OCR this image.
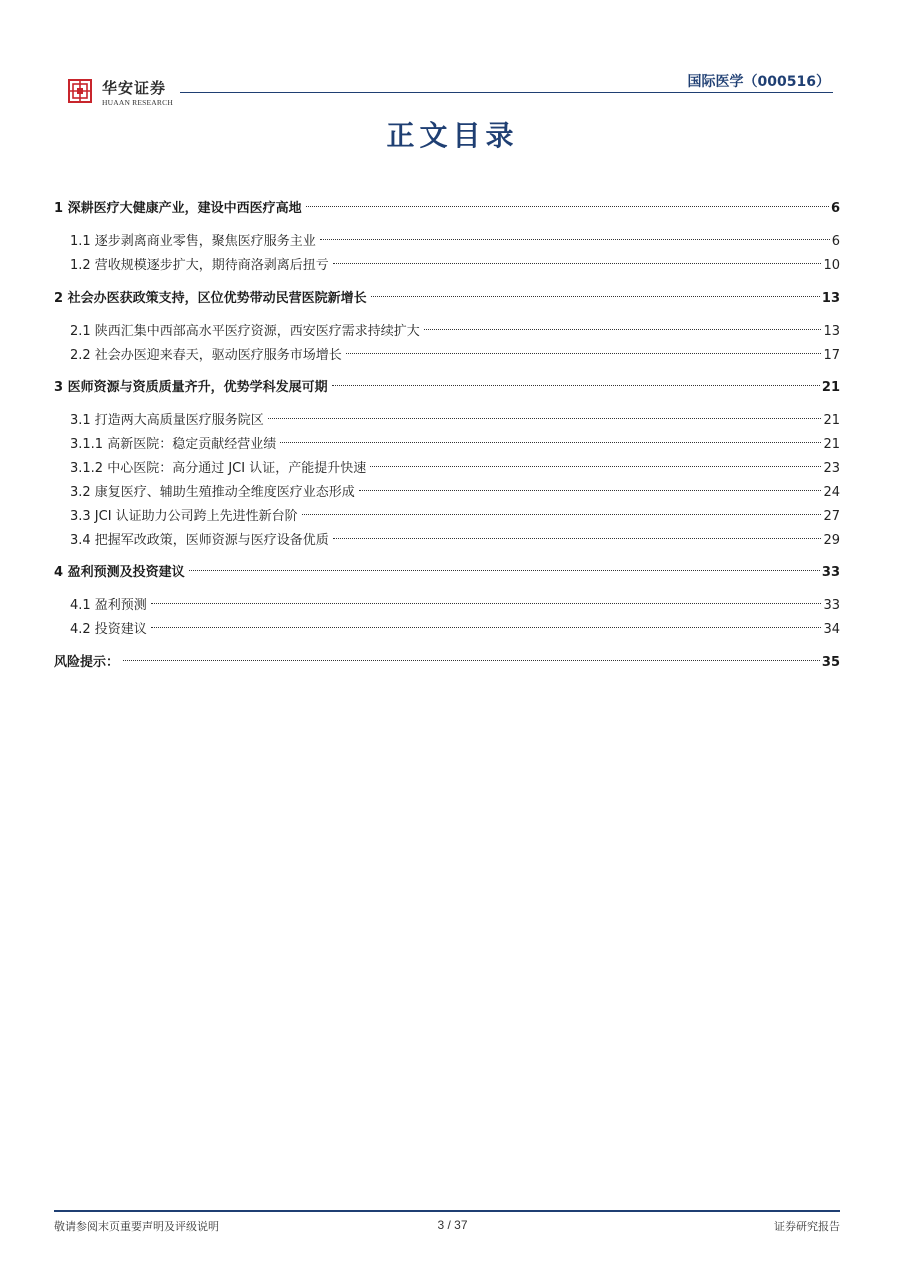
华安证券
HUAAN RESEARCH
国际医学（000516）
正文目录
1 深耕医疗大健康产业，建设中西医疗高地	6
1.1 逐步剥离商业零售，聚焦医疗服务主业	6
1.2 营收规模逐步扩大，期待商洛剥离后扭亏	10
2 社会办医获政策支持，区位优势带动民营医院新增长	13
2.1 陕西汇集中西部高水平医疗资源，西安医疗需求持续扩大	13
2.2 社会办医迎来春天，驱动医疗服务市场增长	17
3 医师资源与资质质量齐升，优势学科发展可期	21
3.1 打造两大高质量医疗服务院区	21
3.1.1 高新医院：稳定贡献经营业绩	21
3.1.2 中心医院：高分通过 JCI 认证，产能提升快速	23
3.2 康复医疗、辅助生殖推动全维度医疗业态形成	24
3.3 JCI 认证助力公司跨上先进性新台阶	27
3.4 把握军改政策，医师资源与医疗设备优质	29
4 盈利预测及投资建议	33
4.1 盈利预测	33
4.2 投资建议	34
风险提示：	35
敬请参阅末页重要声明及评级说明	3 / 37	证券研究报告
